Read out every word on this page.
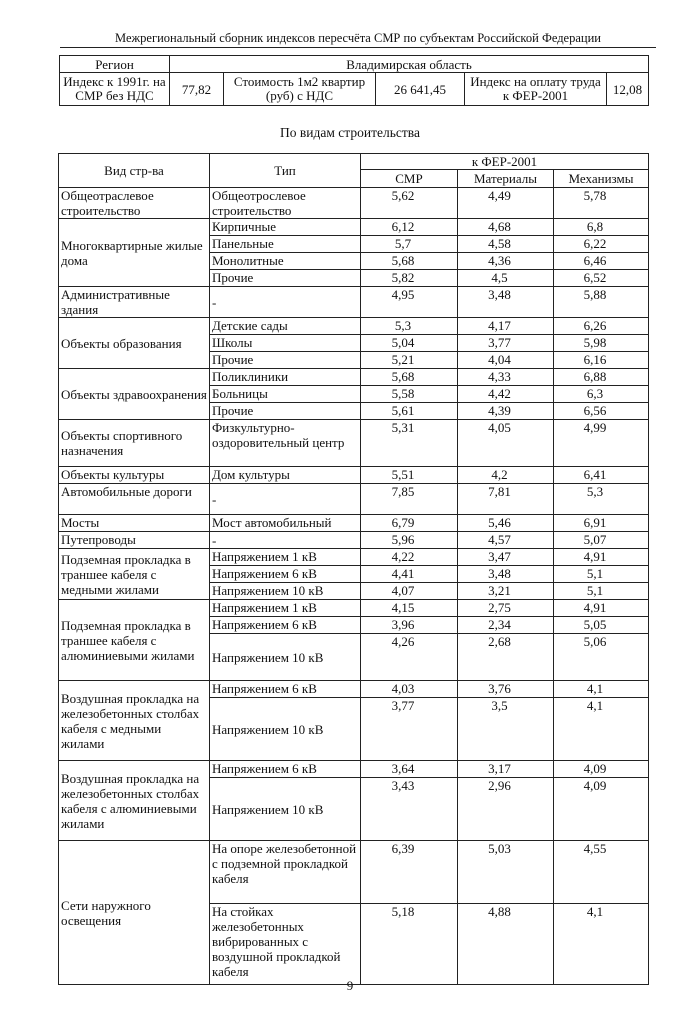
Межрегиональный сборник индексов пересчёта СМР по субъектам Российской Федерации
Регион	Владимирская область				
Индекс к 1991г. на СМР без НДС	77,82	Стоимость 1м2 квартир (руб) с НДС	26 641,45	Индекс на оплату труда к ФЕР-2001	12,08
По видам строительства
Вид стр-ва	Тип	к ФЕР-2001		
		СМР	Материалы	Механизмы
Общеотраслевое строительство	Общеотрослевое строительство	5,62	4,49	5,78
Многоквартирные жилые дома	Кирпичные	6,12	4,68	6,8
	Панельные	5,7	4,58	6,22
	Монолитные	5,68	4,36	6,46
	Прочие	5,82	4,5	6,52
Административные здания	-	4,95	3,48	5,88
Объекты образования	Детские сады	5,3	4,17	6,26
	Школы	5,04	3,77	5,98
	Прочие	5,21	4,04	6,16
Объекты здравоохранения	Поликлиники	5,68	4,33	6,88
	Больницы	5,58	4,42	6,3
	Прочие	5,61	4,39	6,56
Объекты спортивного назначения	Физкультурно-оздоровительный центр	5,31	4,05	4,99
Объекты культуры	Дом культуры	5,51	4,2	6,41
Автомобильные дороги	-	7,85	7,81	5,3
Мосты	Мост автомобильный	6,79	5,46	6,91
Путепроводы	-	5,96	4,57	5,07
Подземная прокладка в траншее кабеля с медными жилами	Напряжением 1 кВ	4,22	3,47	4,91
	Напряжением 6 кВ	4,41	3,48	5,1
	Напряжением 10 кВ	4,07	3,21	5,1
Подземная прокладка в траншее кабеля с алюминиевыми жилами	Напряжением 1 кВ	4,15	2,75	4,91
	Напряжением 6 кВ	3,96	2,34	5,05
	Напряжением 10 кВ	4,26	2,68	5,06
Воздушная прокладка на железобетонных столбах кабеля с медными жилами	Напряжением 6 кВ	4,03	3,76	4,1
	Напряжением 10 кВ	3,77	3,5	4,1
Воздушная прокладка на железобетонных столбах кабеля с алюминиевыми жилами	Напряжением 6 кВ	3,64	3,17	4,09
	Напряжением 10 кВ	3,43	2,96	4,09
Сети наружного освещения	На опоре железобетонной с подземной прокладкой кабеля	6,39	5,03	4,55
	На стойках железобетонных вибрированных с воздушной прокладкой кабеля	5,18	4,88	4,1
9
